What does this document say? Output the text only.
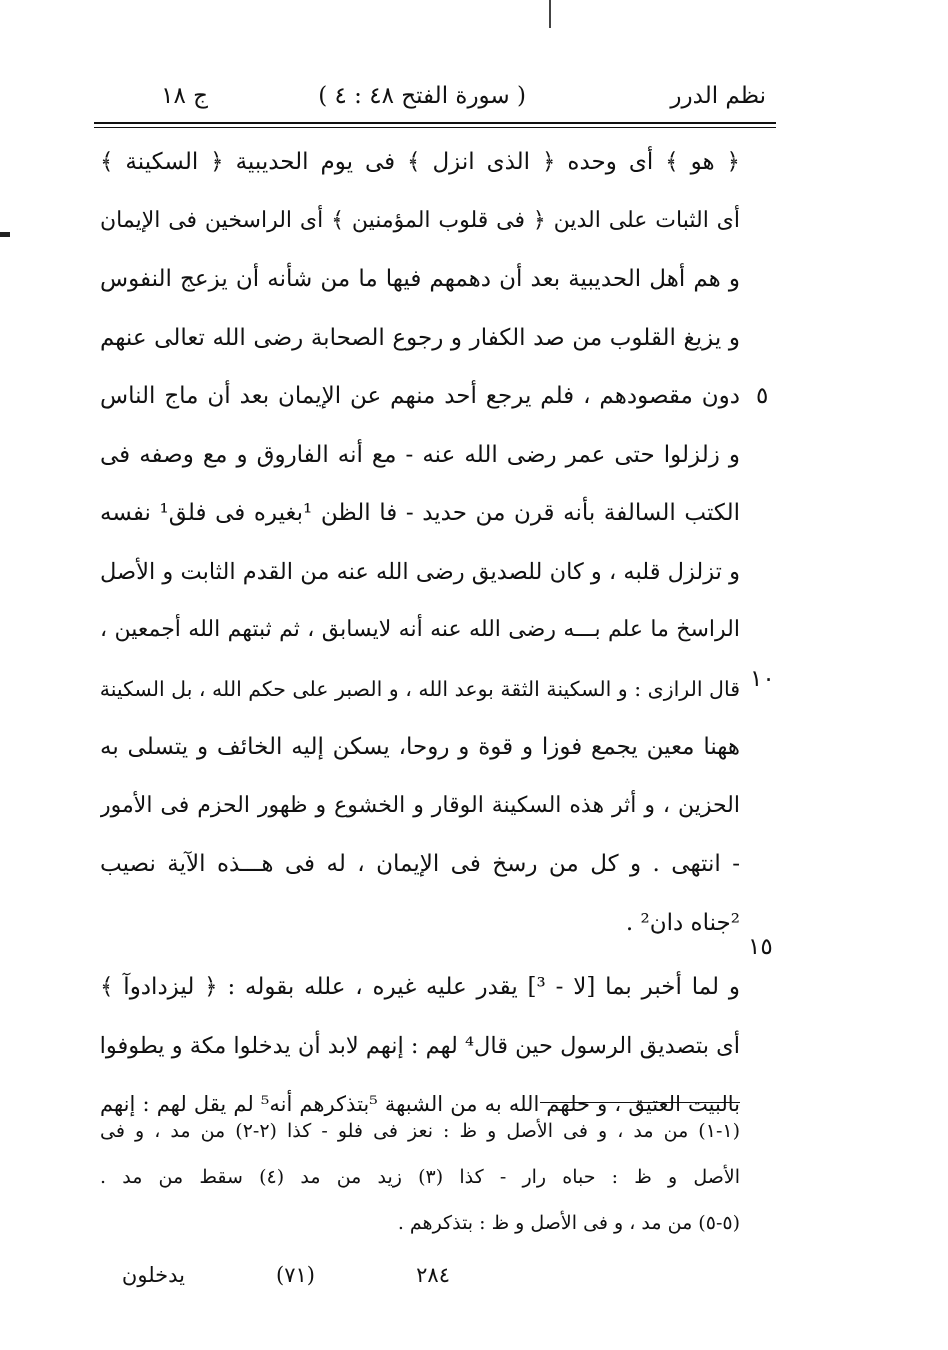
نظم الدرر
( سورة الفتح ٤٨ : ٤ )
ج ١٨
﴿ هو ﴾ أى وحده ﴿ الذى انزل ﴾ فى يوم الحديبية ﴿ السكينة ﴾
أى الثبات على الدين ﴿ فى قلوب المؤمنين ﴾ أى الراسخين فى الإيمان
و هم أهل الحديبية بعد أن دهمهم فيها ما من شأنه أن يزعج النفوس
و يزيغ القلوب من صد الكفار و رجوع الصحابة رضى الله تعالى عنهم
دون مقصودهم ، فلم يرجع أحد منهم عن الإيمان بعد أن ماج الناس
و زلزلوا حتى عمر رضى الله عنه - مع أنه الفاروق و مع وصفه فى
الكتب السالفة بأنه قرن من حديد - فا الظن ¹بغيره فى فلق¹ نفسه
و تزلزل قلبه ، و كان للصديق رضى الله عنه من القدم الثابت و الأصل
الراسخ ما علم بـــه رضى الله عنه أنه لايسابق ، ثم ثبتهم الله أجمعين ،
قال الرازى : و السكينة الثقة بوعد الله ، و الصبر على حكم الله ، بل السكينة
ههنا معين يجمع فوزا و قوة و روحا، يسكن إليه الخائف و يتسلى به
الحزين ، و أثر هذه السكينة الوقار و الخشوع و ظهور الحزم فى الأمور
- انتهى . و كل من رسخ فى الإيمان ، له فى هـــذه الآية نصيب
²جناه دان² .
و لما أخبر بما [لا - ³] يقدر عليه غيره ، علله بقوله : ﴿ ليزدادوآ ﴾
أى بتصديق الرسول حين قال⁴ لهم : إنهم لابد أن يدخلوا مكة و يطوفوا
بالبيت العتيق ، و حلهم الله به من الشبهة ⁵بتذكرهم أنه⁵ لم يقل لهم : إنهم
٥
١٠
١٥
(١-١) من مد ، و فى الأصل و ظ : نعز فى فلو - كذا (٢-٢) من مد ، و فى
الأصل و ظ : حباه رار - كذا (٣) زيد من مد (٤) سقط من مد .
(٥-٥) من مد ، و فى الأصل و ظ : بتذكرهم .
٢٨٤
(٧١)
يدخلون
